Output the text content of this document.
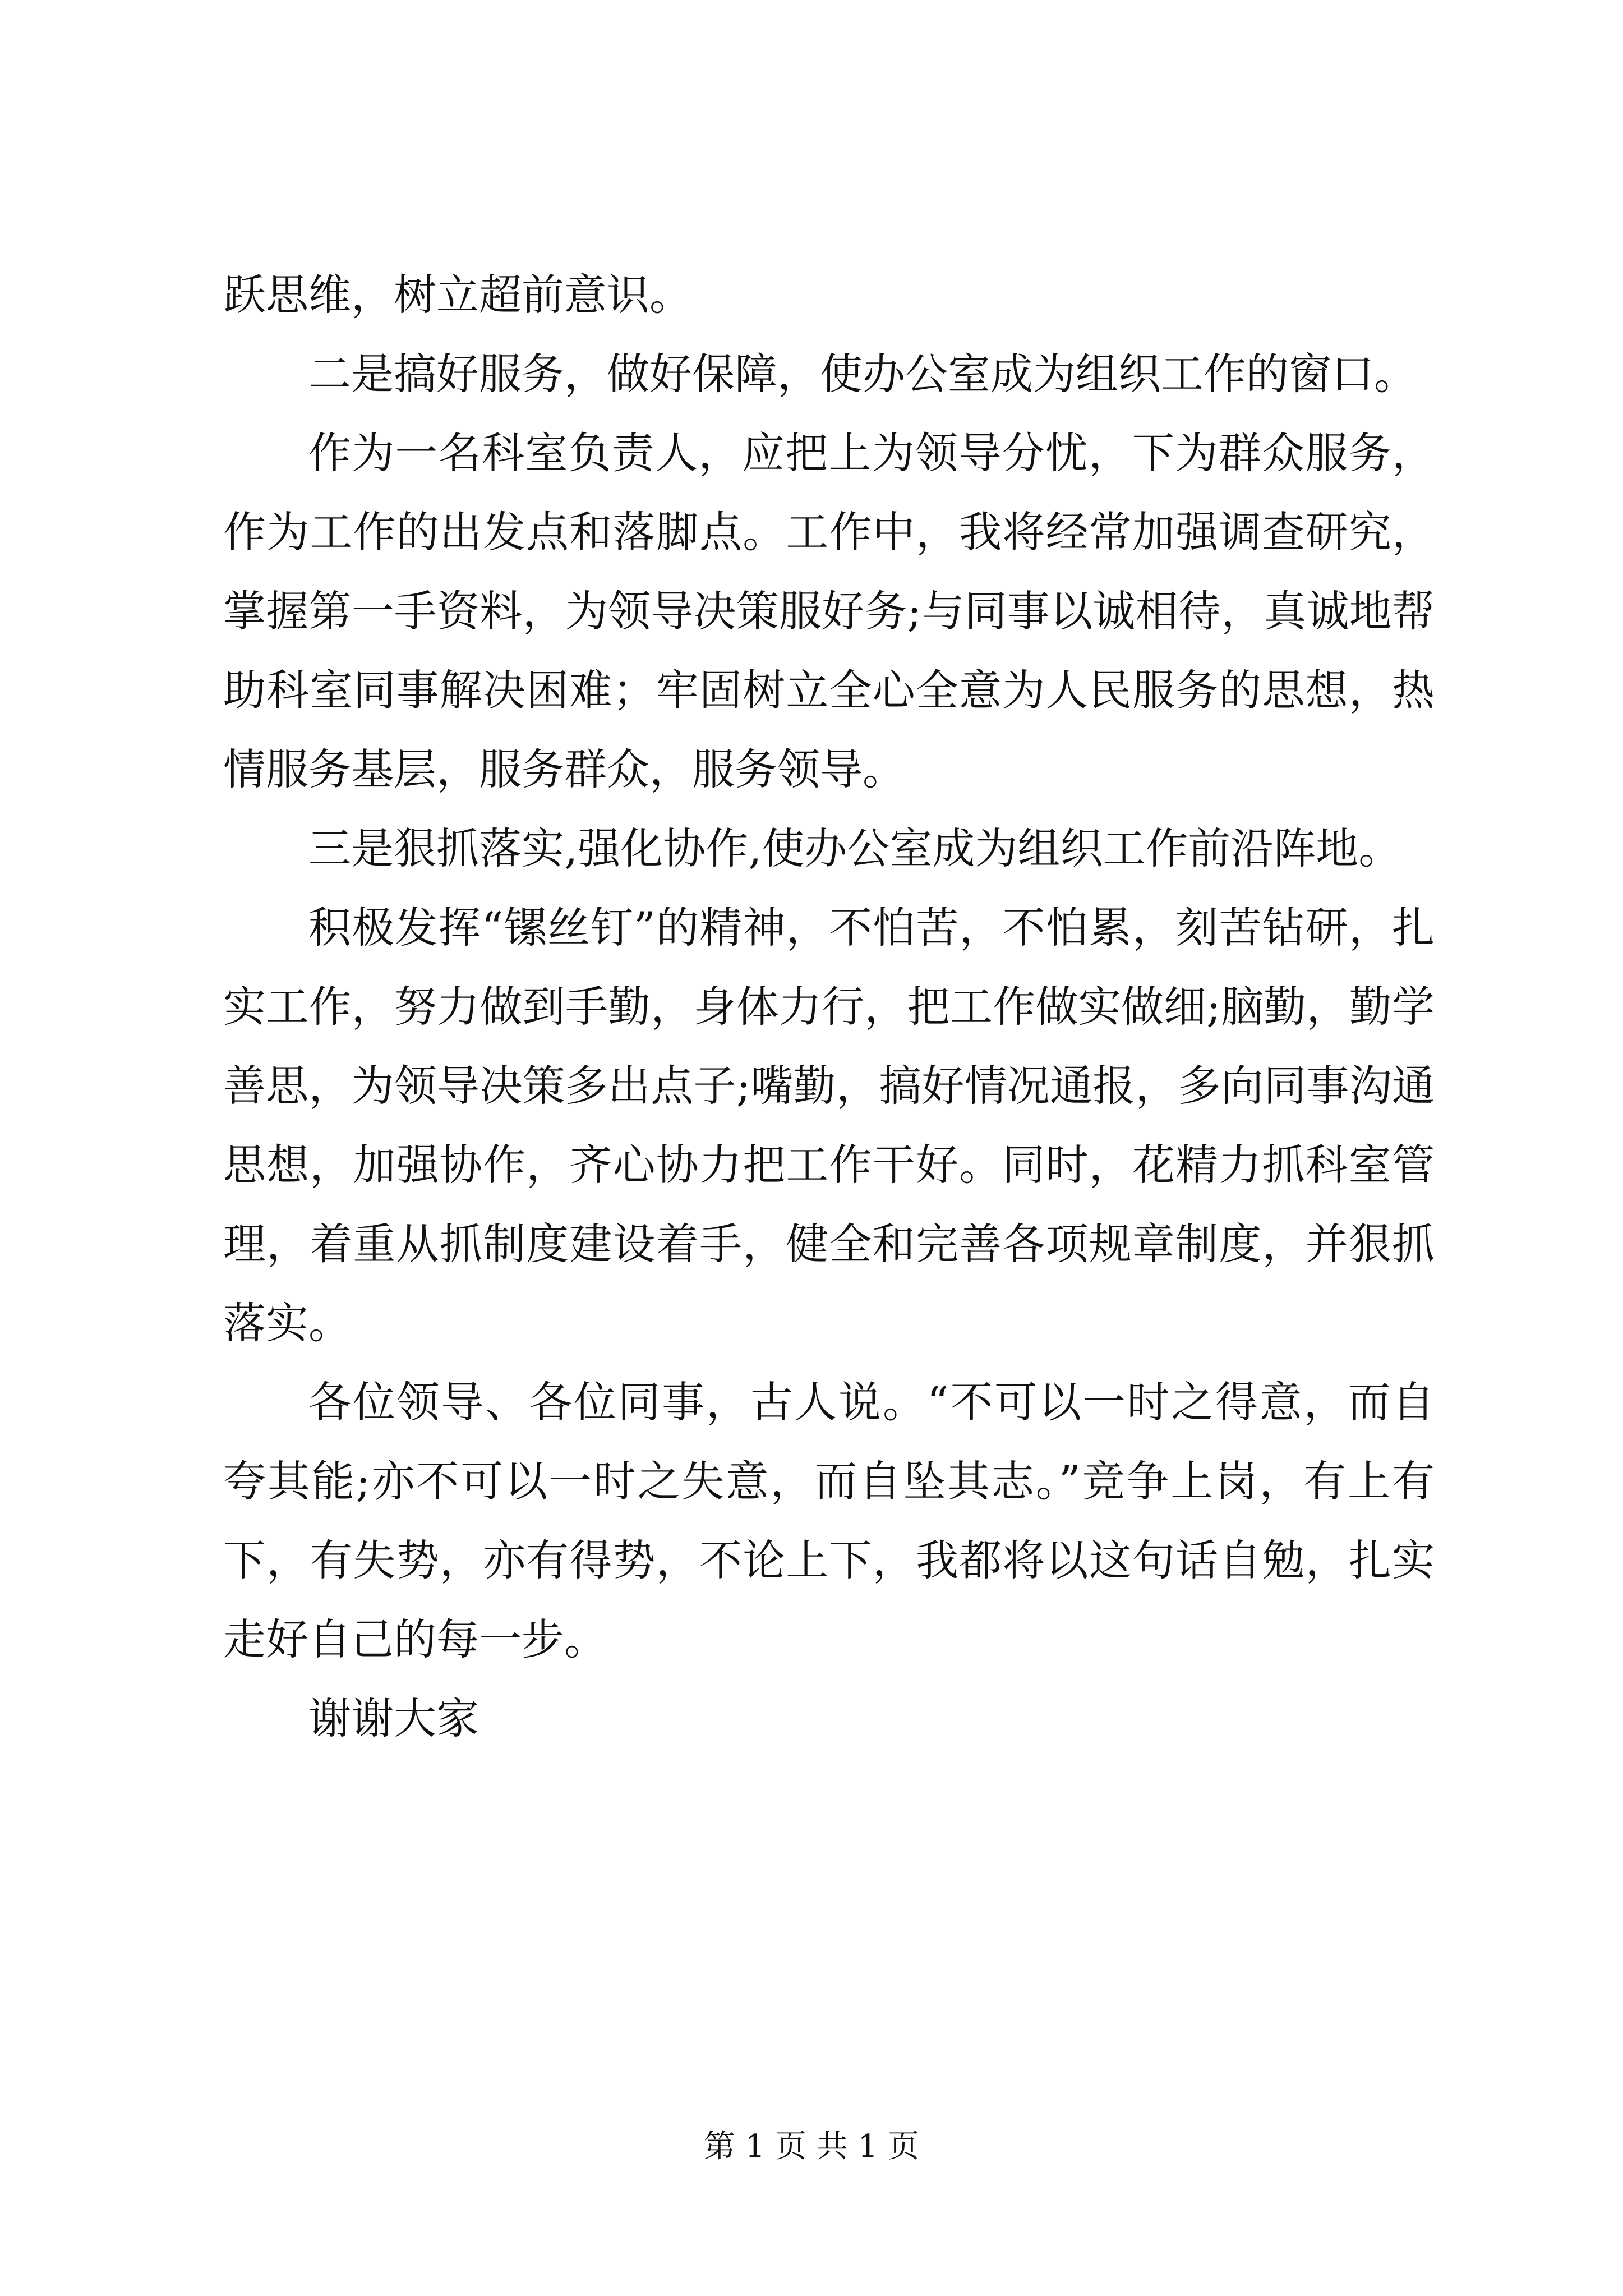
跃思维，树立超前意识。

二是搞好服务，做好保障，使办公室成为组织工作的窗口。

作为一名科室负责人，应把上为领导分忧，下为群众服务，作为工作的出发点和落脚点。工作中，我将经常加强调查研究，掌握第一手资料，为领导决策服好务;与同事以诚相待，真诚地帮助科室同事解决困难；牢固树立全心全意为人民服务的思想，热情服务基层，服务群众，服务领导。

三是狠抓落实,强化协作,使办公室成为组织工作前沿阵地。

积极发挥“镙丝钉”的精神，不怕苦，不怕累，刻苦钻研，扎实工作，努力做到手勤，身体力行，把工作做实做细;脑勤，勤学善思，为领导决策多出点子;嘴勤，搞好情况通报，多向同事沟通思想，加强协作，齐心协力把工作干好。同时，花精力抓科室管理，着重从抓制度建设着手，健全和完善各项规章制度，并狠抓落实。

各位领导、各位同事，古人说。“不可以一时之得意，而自夸其能;亦不可以一时之失意，而自坠其志。”竞争上岗，有上有下，有失势，亦有得势，不论上下，我都将以这句话自勉，扎实走好自己的每一步。

谢谢大家

第 1 页 共 1 页
